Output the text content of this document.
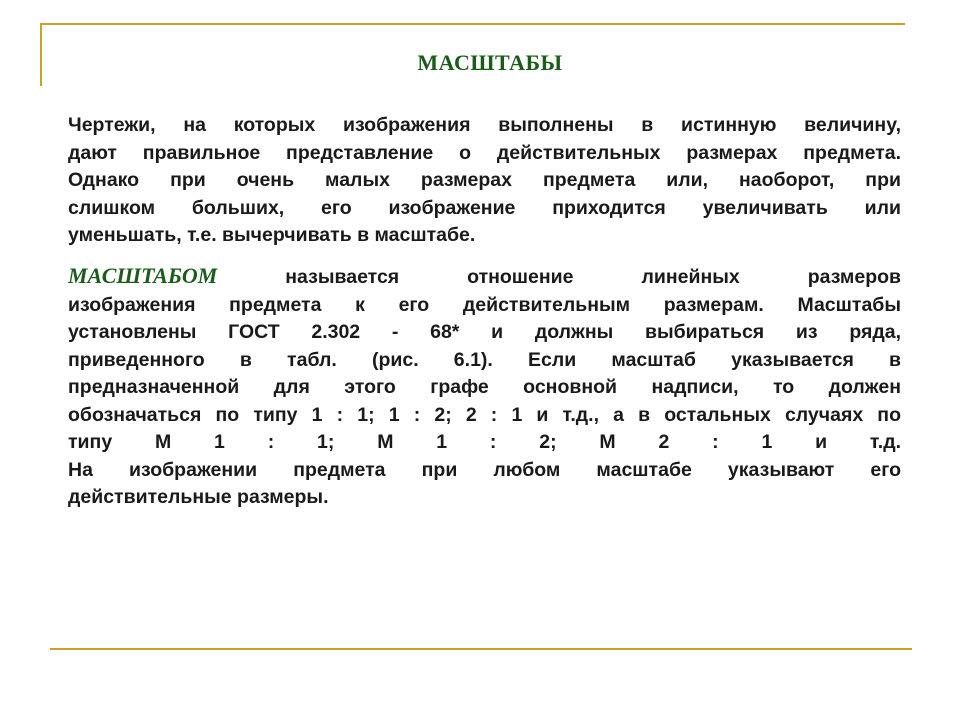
МАСШТАБЫ
Чертежи, на которых изображения выполнены в истинную величину,
дают правильное представление о действительных размерах предмета.
Однако при очень малых размерах предмета или, наоборот, при
слишком больших, его изображение приходится увеличивать или
уменьшать, т.е. вычерчивать в масштабе.
МАСШТАБОМ	называется отношение линейных размеров
изображения предмета к его действительным размерам. Масштабы
установлены ГОСТ 2.302 - 68* и должны выбираться из ряда,
приведенного в табл. (рис. 6.1). Если масштаб указывается в
предназначенной для этого графе основной надписи, то должен
обозначаться по типу 1 : 1; 1 : 2; 2 : 1 и т.д., а в остальных случаях по
типу М 1 : 1; М 1 : 2; М 2 : 1 и т.д.
На изображении предмета при любом масштабе указывают его
действительные размеры.
